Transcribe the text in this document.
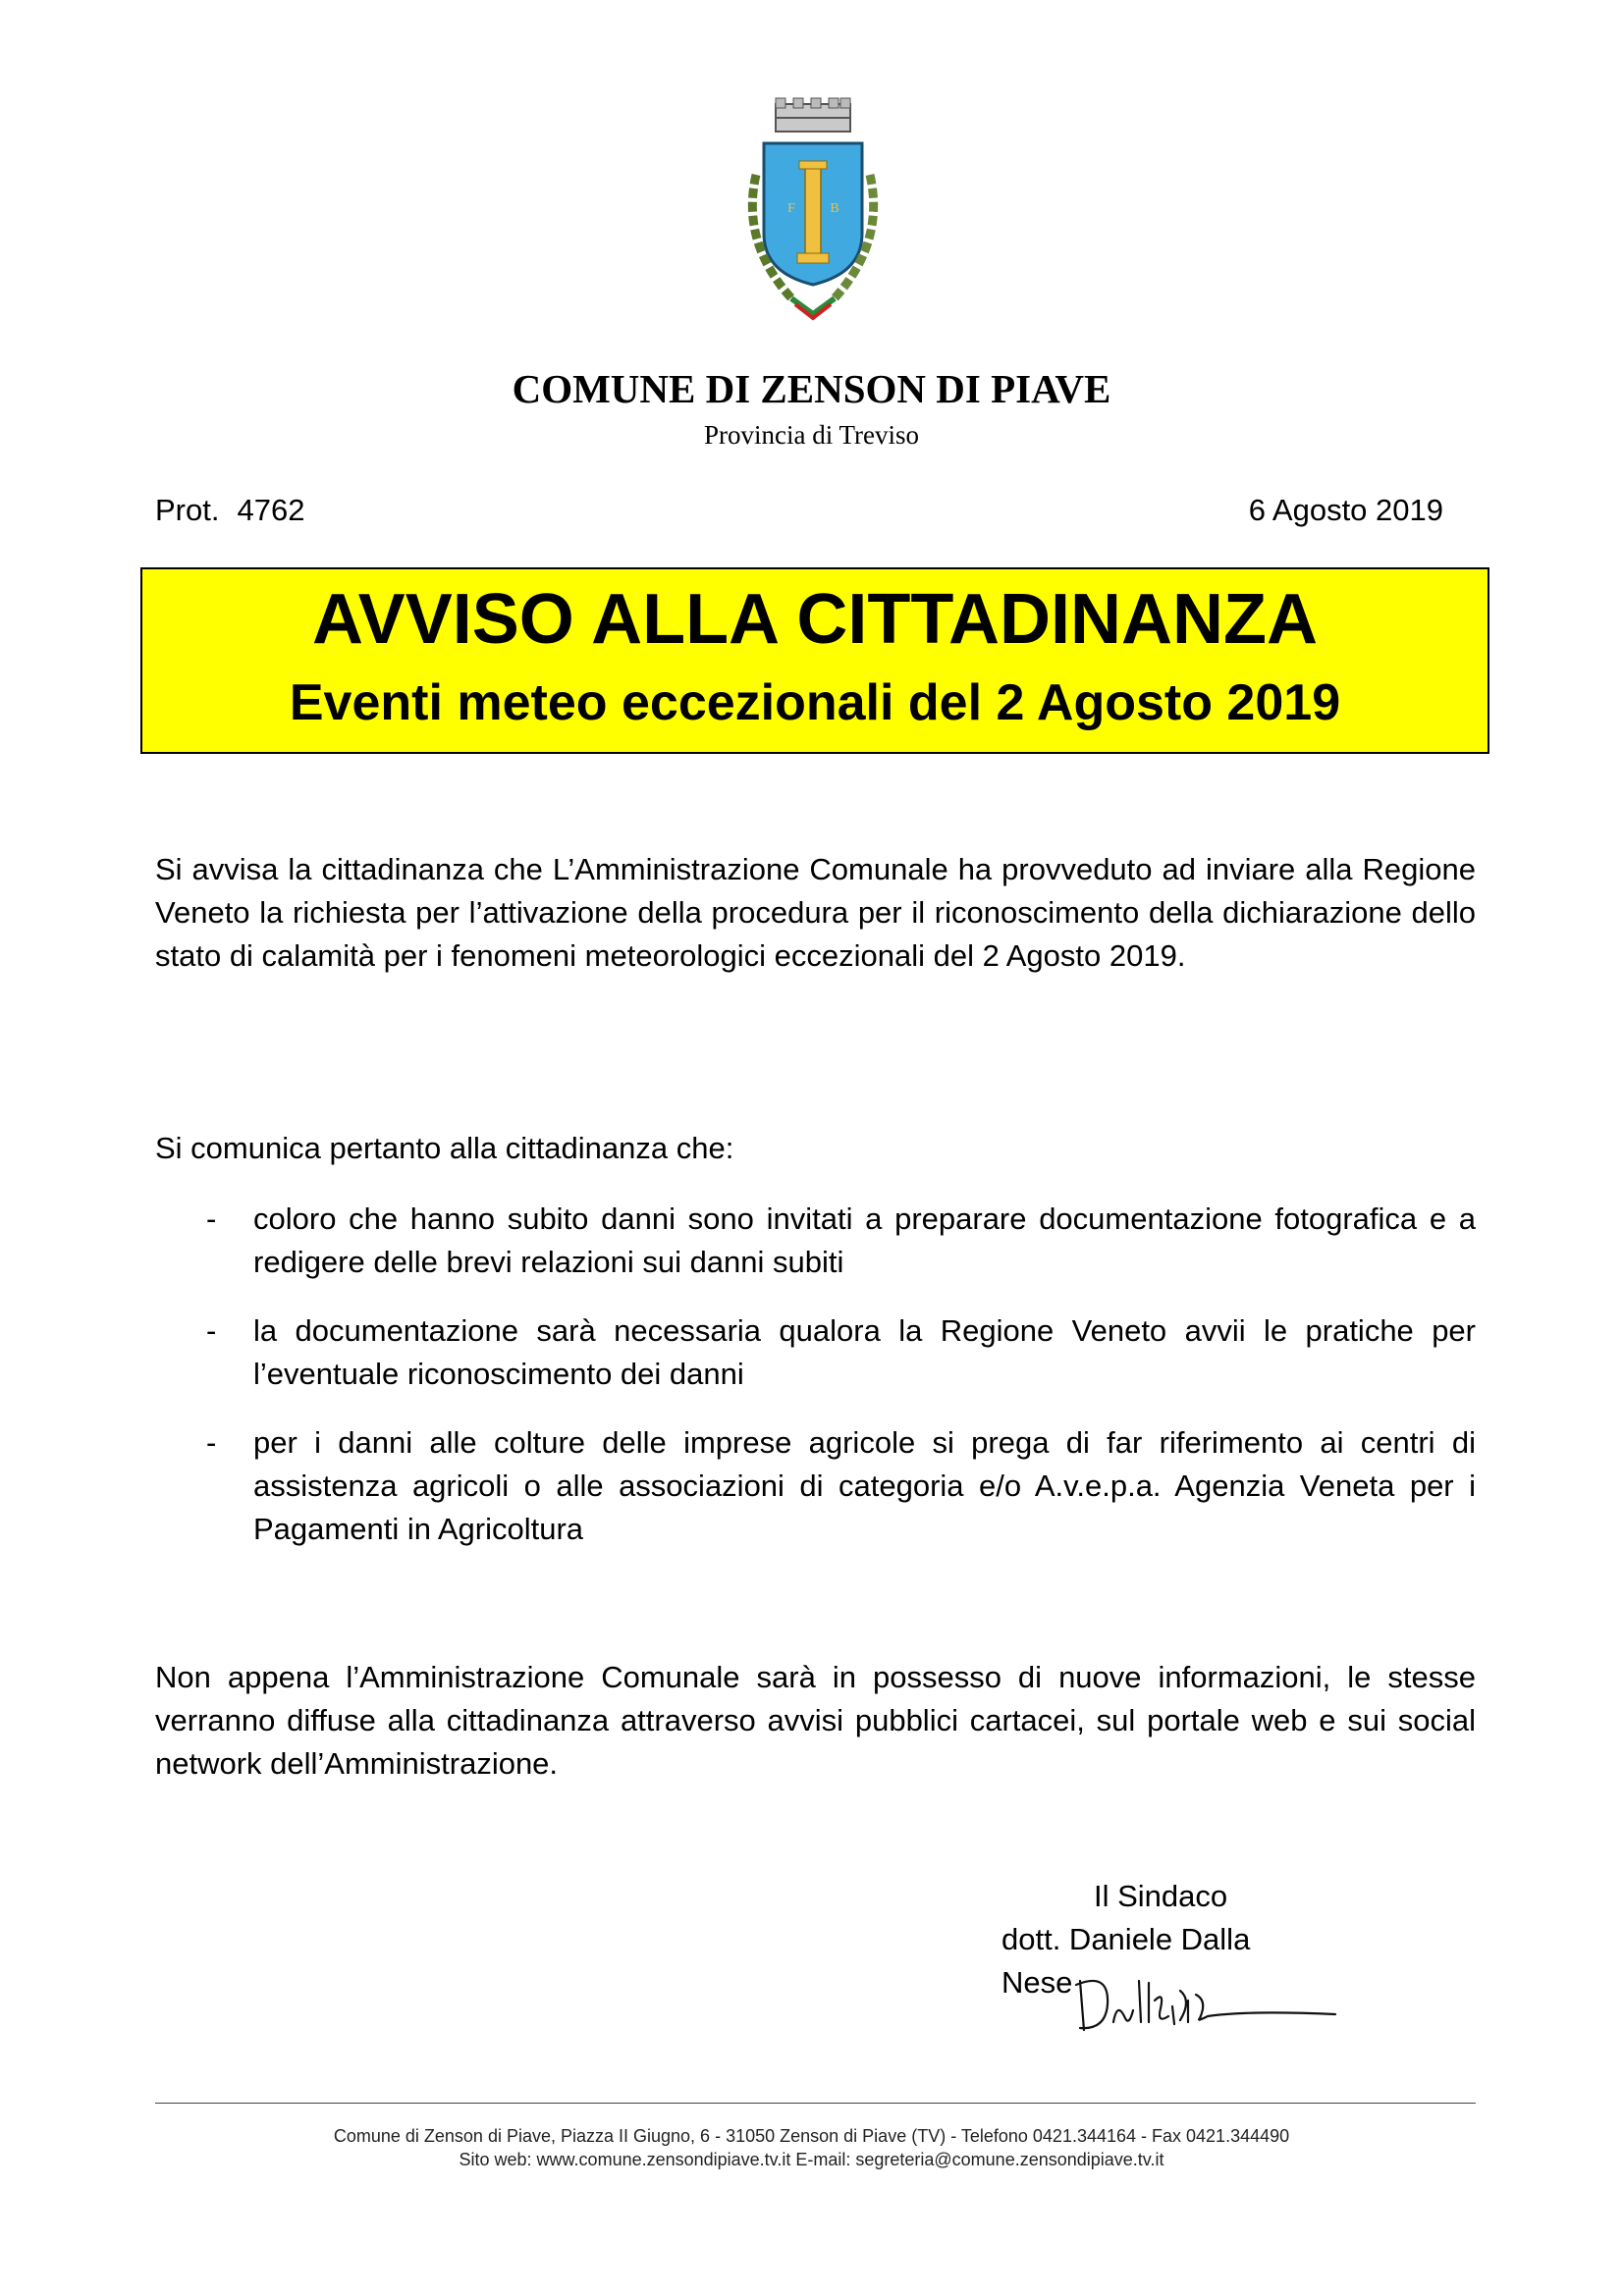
Z
F	B
COMUNE DI ZENSON DI PIAVE
Provincia di Treviso
Prot. 4762	6 Agosto 2019
AVVISO ALLA CITTADINANZA
Eventi meteo eccezionali del 2 Agosto 2019
Si avvisa la cittadinanza che L’Amministrazione Comunale ha provveduto ad inviare alla Regione Veneto la richiesta per l’attivazione della procedura per il riconoscimento della dichiarazione dello stato di calamità per i fenomeni meteorologici eccezionali del 2 Agosto 2019.
Si comunica pertanto alla cittadinanza che:
- coloro che hanno subito danni sono invitati a preparare documentazione fotografica e a redigere delle brevi relazioni sui danni subiti
- la documentazione sarà necessaria qualora la Regione Veneto avvii le pratiche per l’eventuale riconoscimento dei danni
- per i danni alle colture delle imprese agricole si prega di far riferimento ai centri di assistenza agricoli o alle associazioni di categoria e/o A.v.e.p.a. Agenzia Veneta per i Pagamenti in Agricoltura
Non appena l’Amministrazione Comunale sarà in possesso di nuove informazioni, le stesse verranno diffuse alla cittadinanza attraverso avvisi pubblici cartacei, sul portale web e sui social network dell’Amministrazione.
Il Sindaco
dott. Daniele Dalla Nese
Comune di Zenson di Piave, Piazza II Giugno, 6 - 31050 Zenson di Piave (TV) - Telefono 0421.344164 - Fax 0421.344490
Sito web: www.comune.zensondipiave.tv.it E-mail: segreteria@comune.zensondipiave.tv.it
